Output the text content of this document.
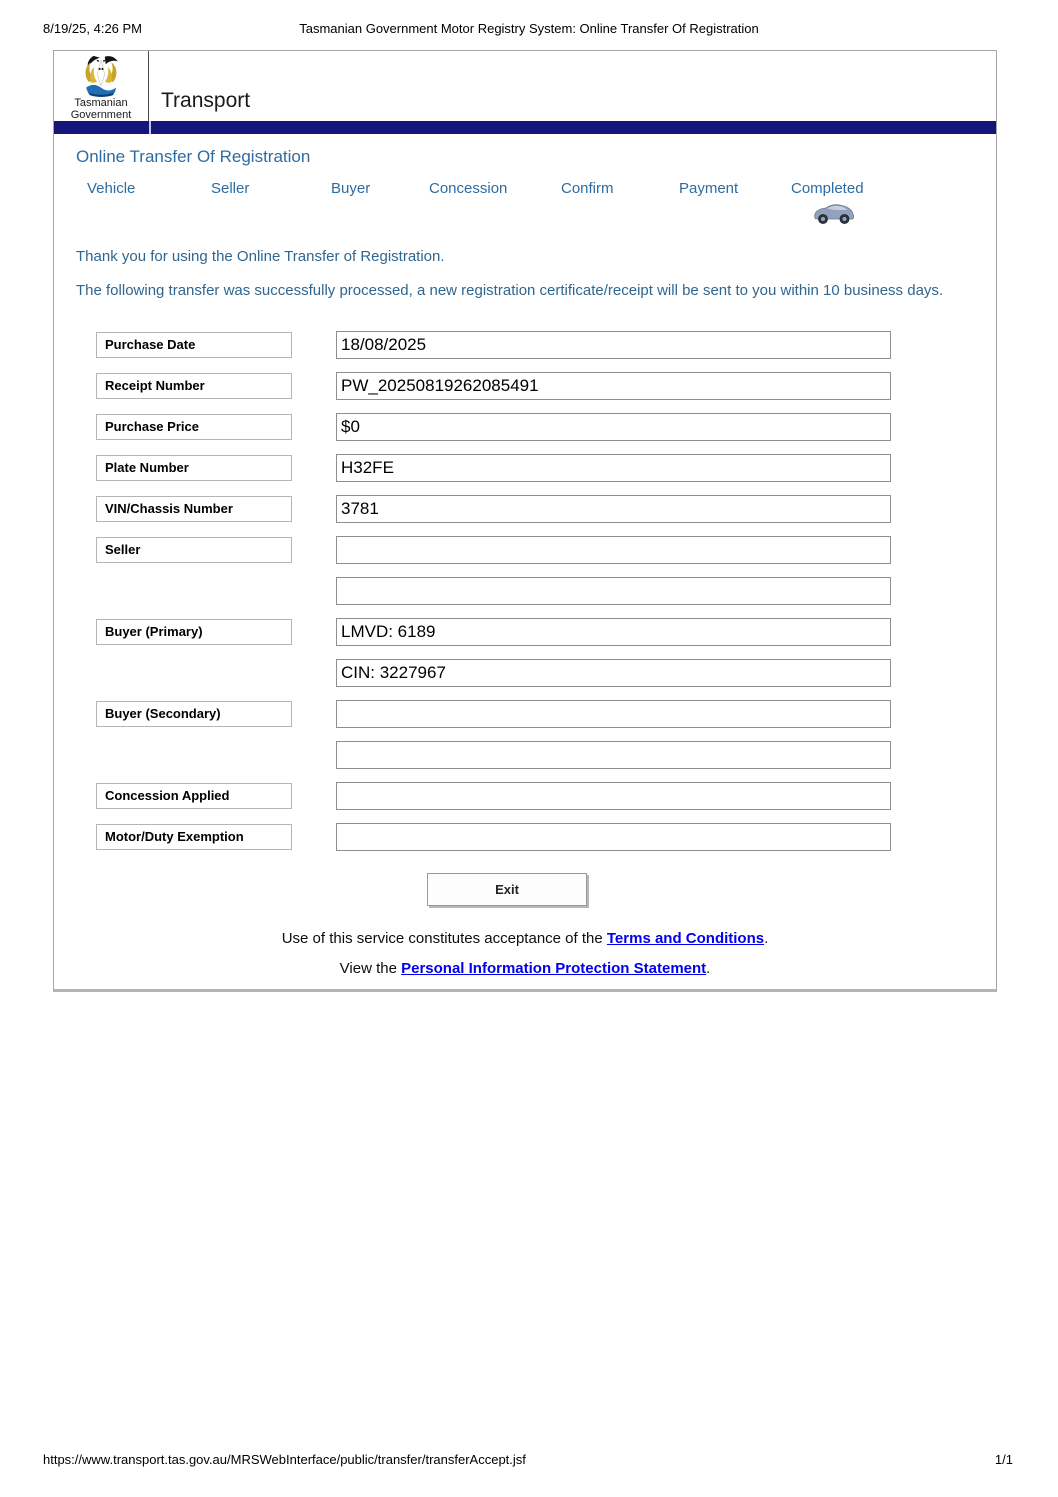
8/19/25, 4:26 PM	Tasmanian Government Motor Registry System: Online Transfer Of Registration
Tasmanian
Government
Transport
Online Transfer Of Registration
Vehicle	Seller	Buyer	Concession	Confirm	Payment	Completed

Thank you for using the Online Transfer of Registration.

The following transfer was successfully processed, a new registration certificate/receipt will be sent to you within 10 business days.

Purchase Date	18/08/2025
Receipt Number	PW_20250819262085491
Purchase Price	$0
Plate Number	H32FE
VIN/Chassis Number	3781
Seller
Buyer (Primary)	LMVD: 6189
CIN: 3227967
Buyer (Secondary)
Concession Applied
Motor/Duty Exemption
Exit

Use of this service constitutes acceptance of the Terms and Conditions.

View the Personal Information Protection Statement.

https://www.transport.tas.gov.au/MRSWebInterface/public/transfer/transferAccept.jsf	1/1
